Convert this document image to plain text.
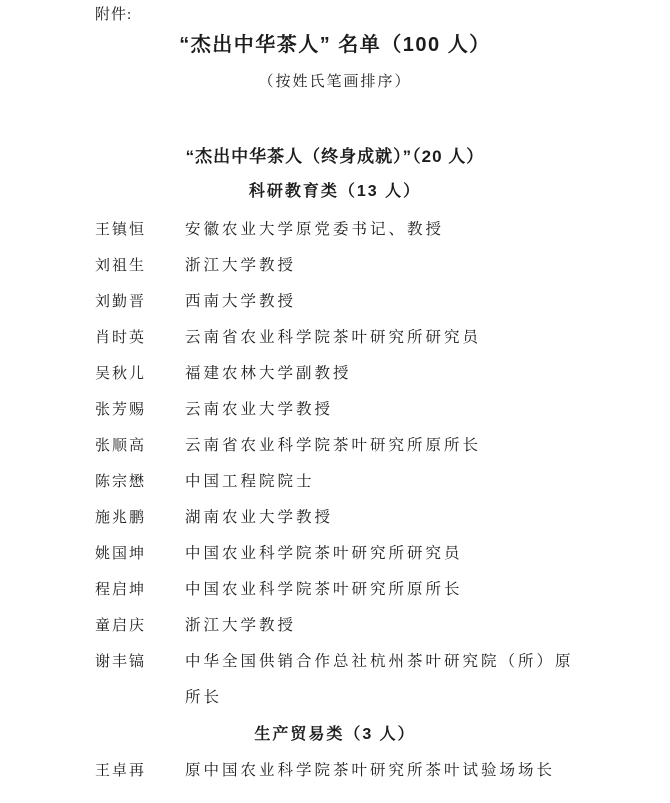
附件:
“杰出中华茶人” 名单（100 人）
（按姓氏笔画排序）
“杰出中华茶人（终身成就）”（20 人）
科研教育类（13 人）
王镇恒	安徽农业大学原党委书记、教授
刘祖生	浙江大学教授
刘勤晋	西南大学教授
肖时英	云南省农业科学院茶叶研究所研究员
吴秋儿	福建农林大学副教授
张芳赐	云南农业大学教授
张顺高	云南省农业科学院茶叶研究所原所长
陈宗懋	中国工程院院士
施兆鹏	湖南农业大学教授
姚国坤	中国农业科学院茶叶研究所研究员
程启坤	中国农业科学院茶叶研究所原所长
童启庆	浙江大学教授
谢丰镐	中华全国供销合作总社杭州茶叶研究院（所）原所长
生产贸易类（3 人）
王卓再	原中国农业科学院茶叶研究所茶叶试验场场长
